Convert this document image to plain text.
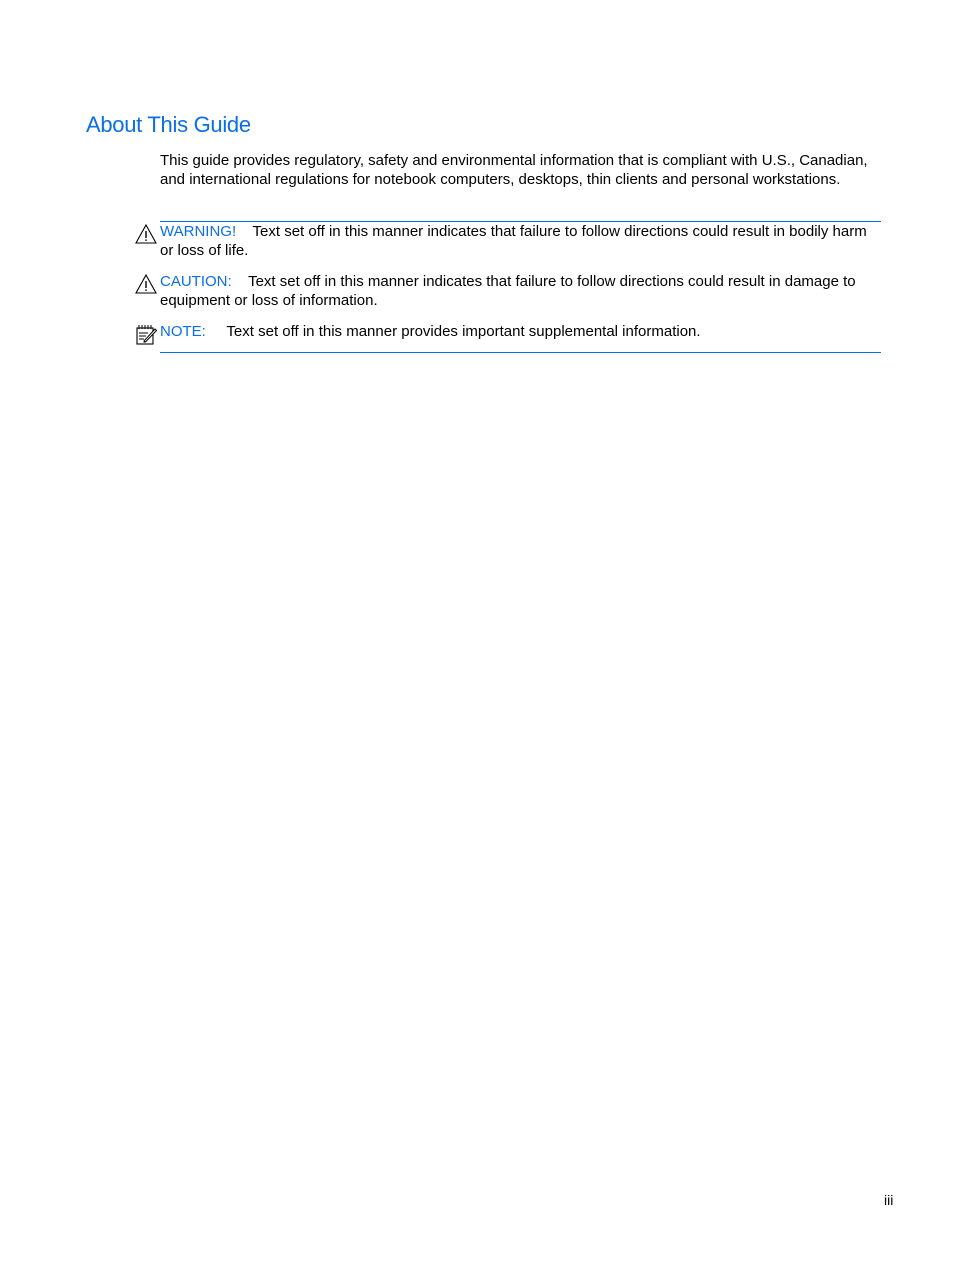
About This Guide

This guide provides regulatory, safety and environmental information that is compliant with U.S., Canadian, and international regulations for notebook computers, desktops, thin clients and personal workstations.

WARNING! Text set off in this manner indicates that failure to follow directions could result in bodily harm or loss of life.
CAUTION: Text set off in this manner indicates that failure to follow directions could result in damage to equipment or loss of information.
NOTE: Text set off in this manner provides important supplemental information.
iii
